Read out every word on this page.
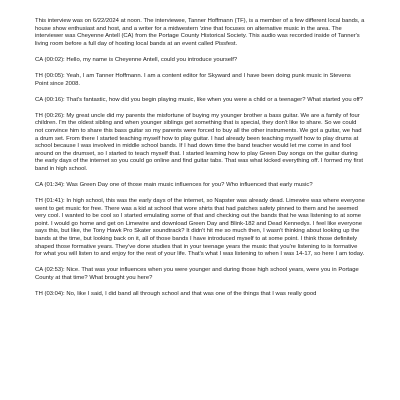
This interview was on 6/22/2024 at noon. The interviewee, Tanner Hoffmann (TF), is a member of a few different local bands, a house show enthusiast and host, and a writer for a midwestern 'zine that focuses on alternative music in the area. The interviewer was Cheyenne Antell (CA) from the Portage County Historical Society. This audio was recorded inside of Tanner's living room before a full day of hosting local bands at an event called Pissfest.

CA (00:02): Hello, my name is Cheyenne Antell, could you introduce yourself?

TH (00:05): Yeah, I am Tanner Hoffmann. I am a content editor for Skyward and I have been doing punk music in Stevens Point since 2008.

CA (00:16): That's fantastic, how did you begin playing music, like when you were a child or a teenager? What started you off?

TH (00:26): My great uncle did my parents the misfortune of buying my younger brother a bass guitar. We are a family of four children. I'm the oldest sibling and when younger siblings get something that is special, they don't like to share. So we could not convince him to share this bass guitar so my parents were forced to buy all the other instruments. We got a guitar, we had a drum set. From there I started teaching myself how to play guitar. I had already been teaching myself how to play drums at school because I was involved in middle school bands. If I had down time the band teacher would let me come in and fool around on the drumset, so I started to teach myself that. I started learning how to play Green Day songs on the guitar during the early days of the internet so you could go online and find guitar tabs. That was what kicked everything off. I formed my first band in high school.

CA (01:34): Was Green Day one of those main music influences for you? Who influenced that early music?

TH (01:41): In high school, this was the early days of the internet, so Napster was already dead. Limewire was where everyone went to get music for free. There was a kid at school that wore shirts that had patches safety pinned to them and he seemed very cool. I wanted to be cool so I started emulating some of that and checking out the bands that he was listening to at some point. I would go home and get on Limewire and download Green Day and Blink-182 and Dead Kennedys. I feel like everyone says this, but like, the Tony Hawk Pro Skater soundtrack? It didn't hit me so much then, I wasn't thinking about looking up the bands at the time, but looking back on it, all of those bands I have introduced myself to at some point. I think those definitely shaped those formative years. They've done studies that in your teenage years the music that you're listening to is formative for what you will listen to and enjoy for the rest of your life. That's what I was listening to when I was 14-17, so here I am today.

CA (02:53): Nice. That was your influences when you were younger and during those high school years, were you in Portage County at that time? What brought you here?

TH (03:04): No, like I said, I did band all through school and that was one of the things that I was really good
